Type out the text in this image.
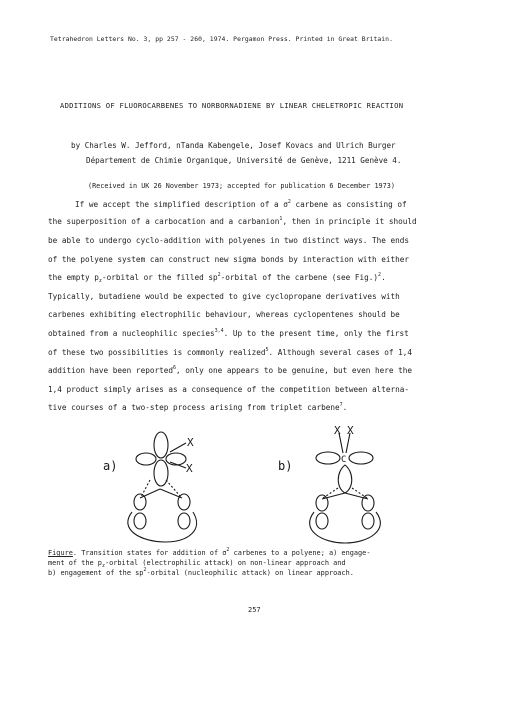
Tetrahedron Letters No. 3, pp 257 - 260, 1974. Pergamon Press. Printed in Great Britain.
ADDITIONS OF FLUOROCARBENES TO NORBORNADIENE BY LINEAR CHELETROPIC REACTION
by Charles W. Jefford, nTanda Kabengele, Josef Kovacs and Ulrich Burger
Département de Chimie Organique, Université de Genève, 1211 Genève 4.
(Received in UK 26 November 1973; accepted for publication 6 December 1973)
If we accept the simplified description of a $\sigma^2$ carbene as consisting of
the superposition of a carbocation and a carbanion$^1$, then in principle it should
be able to undergo cyclo-addition with polyenes in two distinct ways. The ends
of the polyene system can construct new sigma bonds by interaction with either
the empty $p_z$-orbital or the filled $sp^2$-orbital of the carbene (see Fig.)$^2$.
Typically, butadiene would be expected to give cyclopropane derivatives with
carbenes exhibiting electrophilic behaviour, whereas cyclopentenes should be
obtained from a nucleophilic species$^{3,4}$. Up to the present time, only the first
of these two possibilities is commonly realized$^5$. Although several cases of 1,4
addition have been reported$^6$, only one appears to be genuine, but even here the
1,4 product simply arises as a consequence of the competition between alterna-
tive courses of a two-step process arising from triplet carbene$^7$.
a)
X
X	b)
X X
C
Figure. Transition states for addition of $\sigma^2$ carbenes to a polyene; a) engage-
ment of the $p_z$-orbital (electrophilic attack) on non-linear approach and
b) engagement of the $sp^2$-orbital (nucleophilic attack) on linear approach.
257
